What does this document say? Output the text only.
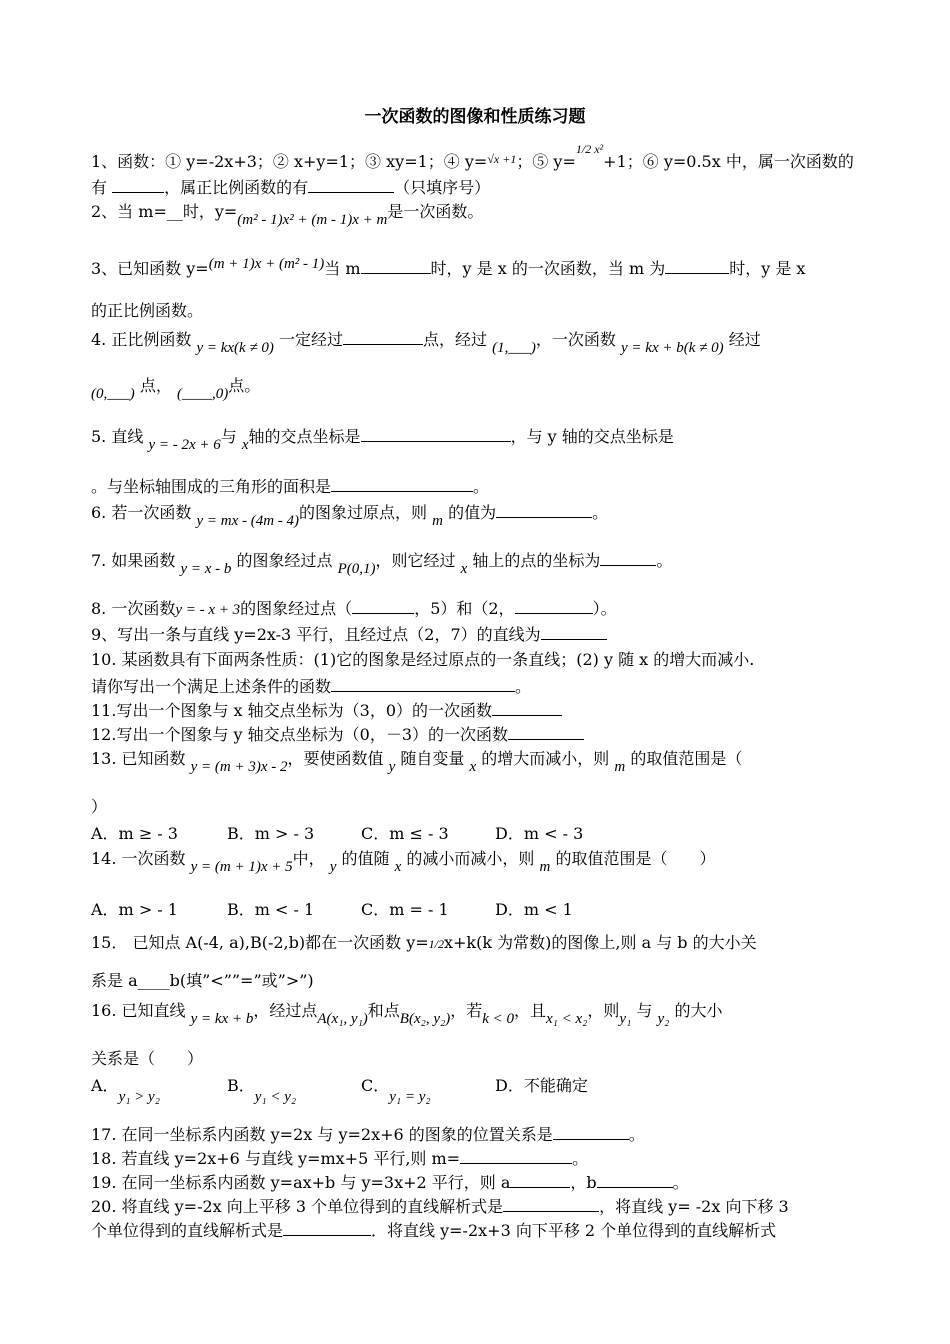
一次函数的图像和性质练习题
1、函数：① y=-2x+3；② x+y=1；③ xy=1；④ y=$^{√x +1}$；⑤ y=$^{1/2 x^2}$+1；⑥ y=0.5x 中，属一次函数的
有	，属正比例函数的有	（只填序号）
2、当 m=__时，y=(m² - 1)x² + (m - 1)x + m是一次函数。
3、已知函数 y=(m + 1)x + (m² - 1)当 m	时，y 是 x 的一次函数，当 m 为	时，y 是 x
的正比例函数。
4. 正比例函数 y = kx(k ≠ 0) 一定经过	点，经过 (1,___)，一次函数 y = kx + b(k ≠ 0) 经过
(0,___) 点， (____,0)点。
5. 直线 y = - 2x + 6与 x轴的交点坐标是	，与 y 轴的交点坐标是
。与坐标轴围成的三角形的面积是	。
6. 若一次函数 y = mx - (4m - 4)的图象过原点，则 m 的值为	。
7. 如果函数 y = x - b 的图象经过点 P(0,1)，则它经过 x 轴上的点的坐标为	。
8. 一次函数y = - x + 3的图象经过点（	，5）和（2，	）。
9、写出一条与直线 y=2x-3 平行，且经过点（2，7）的直线为
10. 某函数具有下面两条性质：(1)它的图象是经过原点的一条直线；(2) y 随 x 的增大而减小.
请你写出一个满足上述条件的函数	。
11.写出一个图象与 x 轴交点坐标为（3，0）的一次函数
12.写出一个图象与 y 轴交点坐标为（0，－3）的一次函数
13. 已知函数 y = (m + 3)x - 2，要使函数值 y 随自变量 x 的增大而减小，则 m 的取值范围是（
）
A．m ≥ - 3	B．m > - 3	C．m ≤ - 3	D．m < - 3
14. 一次函数 y = (m + 1)x + 5中， y 的值随 x 的减小而减小，则 m 的取值范围是（　　）
A．m > - 1	B．m < - 1	C．m = - 1	D．m < 1
15． 已知点 A(-4, a),B(-2,b)都在一次函数 y=1/2x+k(k 为常数)的图像上,则 a 与 b 的大小关
系是 a____b(填”<””=”或”>”)
16. 已知直线 y = kx + b，经过点A(x₁, y₁)和点B(x₂, y₂)，若k < 0，且x₁ < x₂，则y₁ 与 y₂ 的大小
关系是（　　）
A．y₁ > y₂B．y₁ < y₂C．y₁ = y₂D．不能确定
17. 在同一坐标系内函数 y=2x 与 y=2x+6 的图象的位置关系是	。
18. 若直线 y=2x+6 与直线 y=mx+5 平行,则 m=	。
19. 在同一坐标系内函数 y=ax+b 与 y=3x+2 平行，则 a	，b	。
20. 将直线 y=-2x 向上平移 3 个单位得到的直线解析式是	，将直线 y= -2x 向下移 3
个单位得到的直线解析式是	．将直线 y=-2x+3 向下平移 2 个单位得到的直线解析式
